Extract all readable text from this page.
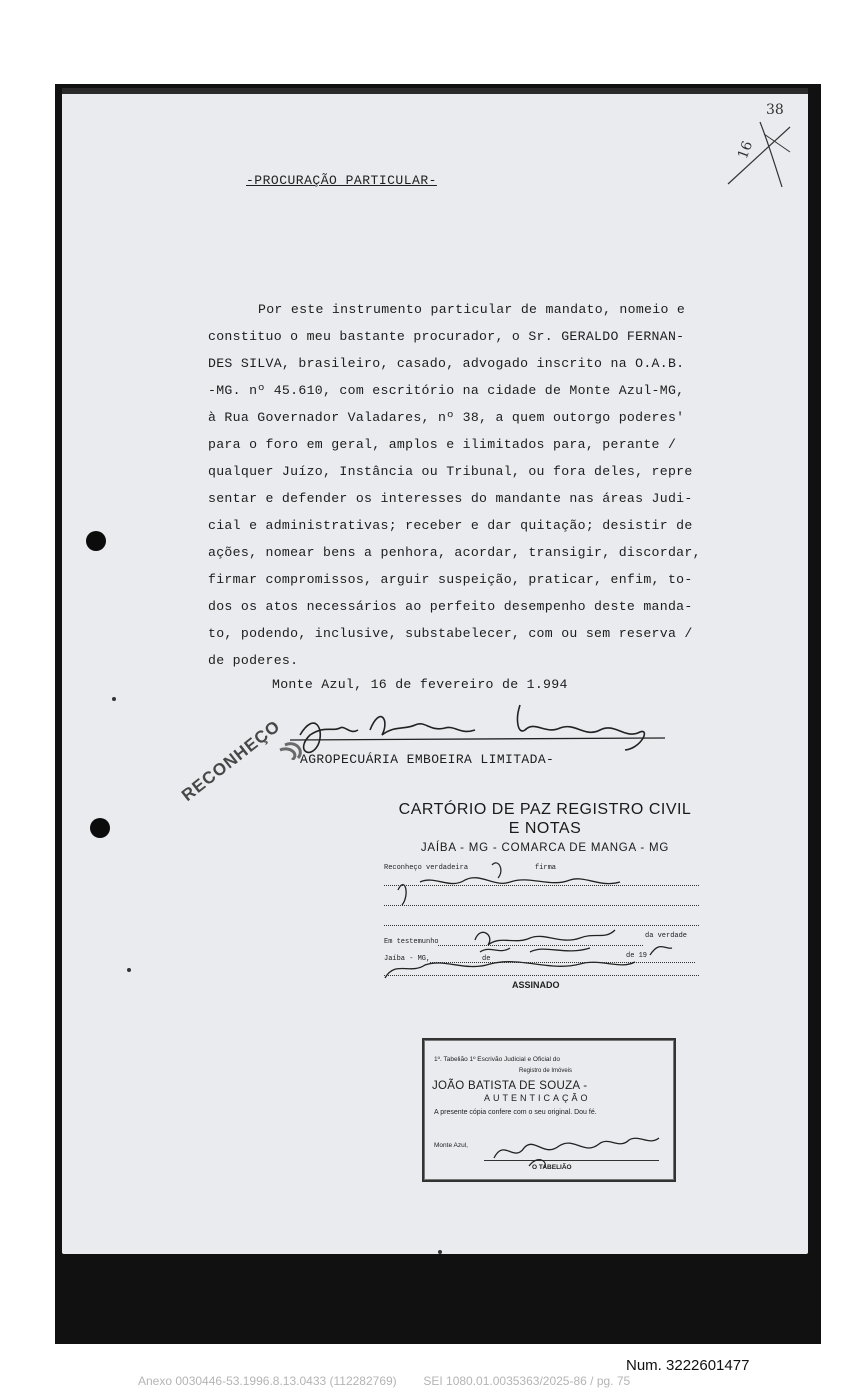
38
16
-PROCURAÇÃO PARTICULAR-
Por este instrumento particular de mandato, nomeio e
constituo o meu bastante procurador, o Sr. GERALDO FERNAN-
DES SILVA, brasileiro, casado, advogado inscrito na O.A.B.
-MG. nº 45.610, com escritório na cidade de Monte Azul-MG,
à Rua Governador Valadares, nº 38, a quem outorgo poderes'
para o foro em geral, amplos e ilimitados para, perante /
qualquer Juízo, Instância ou Tribunal, ou fora deles, repre
sentar e defender os interesses do mandante nas áreas Judi-
cial e administrativas; receber e dar quitação; desistir de
ações, nomear bens a penhora, acordar, transigir, discordar,
firmar compromissos, arguir suspeição, praticar, enfim, to-
dos os atos necessários ao perfeito desempenho deste manda-
to, podendo, inclusive, substabelecer, com ou sem reserva /
de poderes.
Monte Azul, 16 de fevereiro de 1.994
AGROPECUÁRIA EMBOEIRA LIMITADA-
RECONHEÇO
CARTÓRIO DE PAZ REGISTRO CIVIL
E NOTAS
JAÍBA - MG - COMARCA DE MANGA - MG
Reconheço verdadeira	firma
Em testemunho
da verdade
Jaíba - MG,	de	de 19
ASSINADO
1º. Tabelião 1º Escrivão Judicial e Oficial do
Registro de Imóveis
JOÃO BATISTA DE SOUZA -
AUTENTICAÇÃO
A presente cópia confere com o seu original. Dou fé.
Monte Azul,
O TABELIÃO
Num. 3222601477
Anexo 0030446-53.1996.8.13.0433 (112282769)        SEI 1080.01.0035363/2025-86 / pg. 75
